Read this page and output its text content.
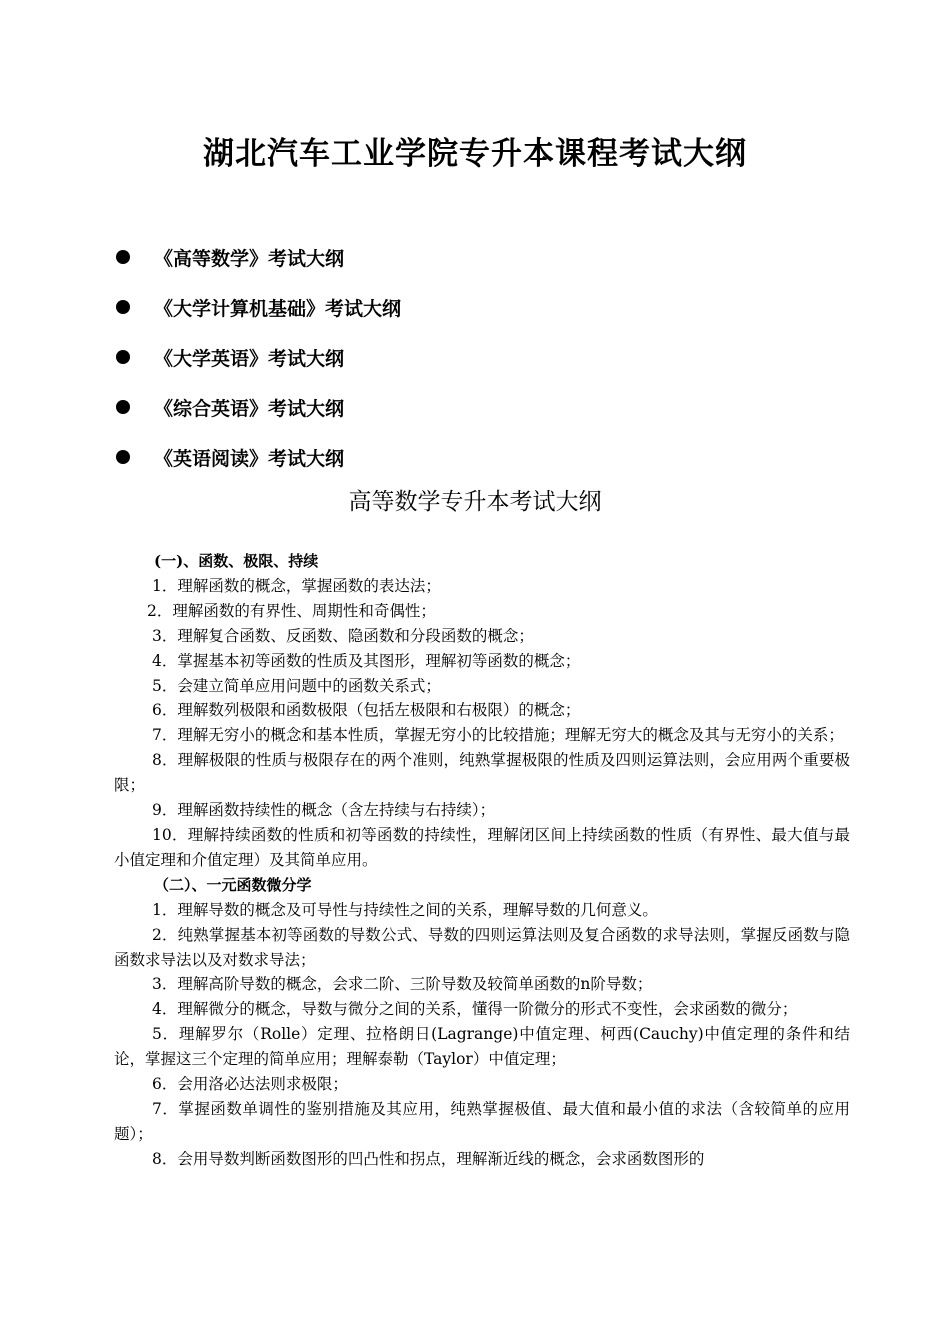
湖北汽车工业学院专升本课程考试大纲
《高等数学》考试大纲
《大学计算机基础》考试大纲
《大学英语》考试大纲
《综合英语》考试大纲
《英语阅读》考试大纲
高等数学专升本考试大纲

(一)、函数、极限、持续

1．理解函数的概念，掌握函数的表达法；

2．理解函数的有界性、周期性和奇偶性；

3．理解复合函数、反函数、隐函数和分段函数的概念；

4．掌握基本初等函数的性质及其图形，理解初等函数的概念；

5．会建立简单应用问题中的函数关系式；

6．理解数列极限和函数极限（包括左极限和右极限）的概念；

7．理解无穷小的概念和基本性质，掌握无穷小的比较措施；理解无穷大的概念及其与无穷小的关系；

8．理解极限的性质与极限存在的两个准则，纯熟掌握极限的性质及四则运算法则，会应用两个重要极限；

9．理解函数持续性的概念（含左持续与右持续）；

10．理解持续函数的性质和初等函数的持续性，理解闭区间上持续函数的性质（有界性、最大值与最小值定理和介值定理）及其简单应用。

（二）、一元函数微分学

1．理解导数的概念及可导性与持续性之间的关系，理解导数的几何意义。

2．纯熟掌握基本初等函数的导数公式、导数的四则运算法则及复合函数的求导法则，掌握反函数与隐函数求导法以及对数求导法；

3．理解高阶导数的概念，会求二阶、三阶导数及较简单函数的n阶导数；

4．理解微分的概念，导数与微分之间的关系，懂得一阶微分的形式不变性，会求函数的微分；

5．理解罗尔（Rolle）定理、拉格朗日(Lagrange)中值定理、柯西(Cauchy)中值定理的条件和结论，掌握这三个定理的简单应用；理解泰勒（Taylor）中值定理；

6．会用洛必达法则求极限；

7．掌握函数单调性的鉴别措施及其应用，纯熟掌握极值、最大值和最小值的求法（含较简单的应用题）；

8．会用导数判断函数图形的凹凸性和拐点，理解渐近线的概念，会求函数图形的
